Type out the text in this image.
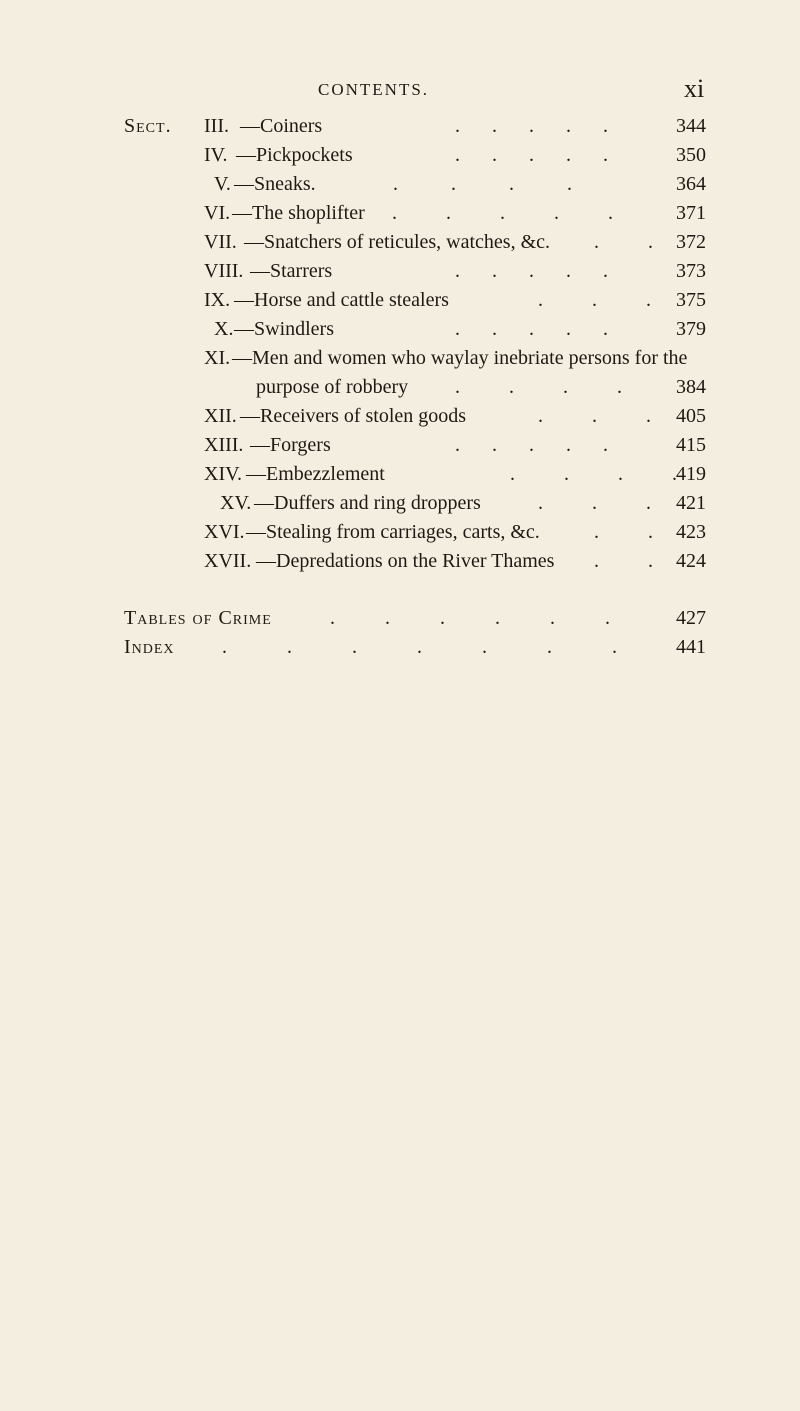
CONTENTS.	xi
Sect. III. — Coiners	. . . . .	344
IV. — Pickpockets	. . . . .	350
V. — Sneaks.	. . . .	364
VI. — The shoplifter . . . . .	371
VII. — Snatchers of reticules, watches, &c. . . 372
VIII. — Starrers	. . . . .	373
IX. — Horse and cattle stealers	. . . 375
X. — Swindlers	. . . . .	379
XI. — Men and women who waylay inebriate persons for the
purpose of robbery . . . .	384
XII. — Receivers of stolen goods	. . . 405
XIII. — Forgers	. . . . .	415
XIV. — Embezzlement	. . . . 419
XV. — Duffers and ring droppers	. . . 421
XVI. — Stealing from carriages, carts, &c.	. . 423
XVII. — Depredations on the River Thames . . 424
Tables of Crime	. . . . . .	427
Index . . . . . . .	441
